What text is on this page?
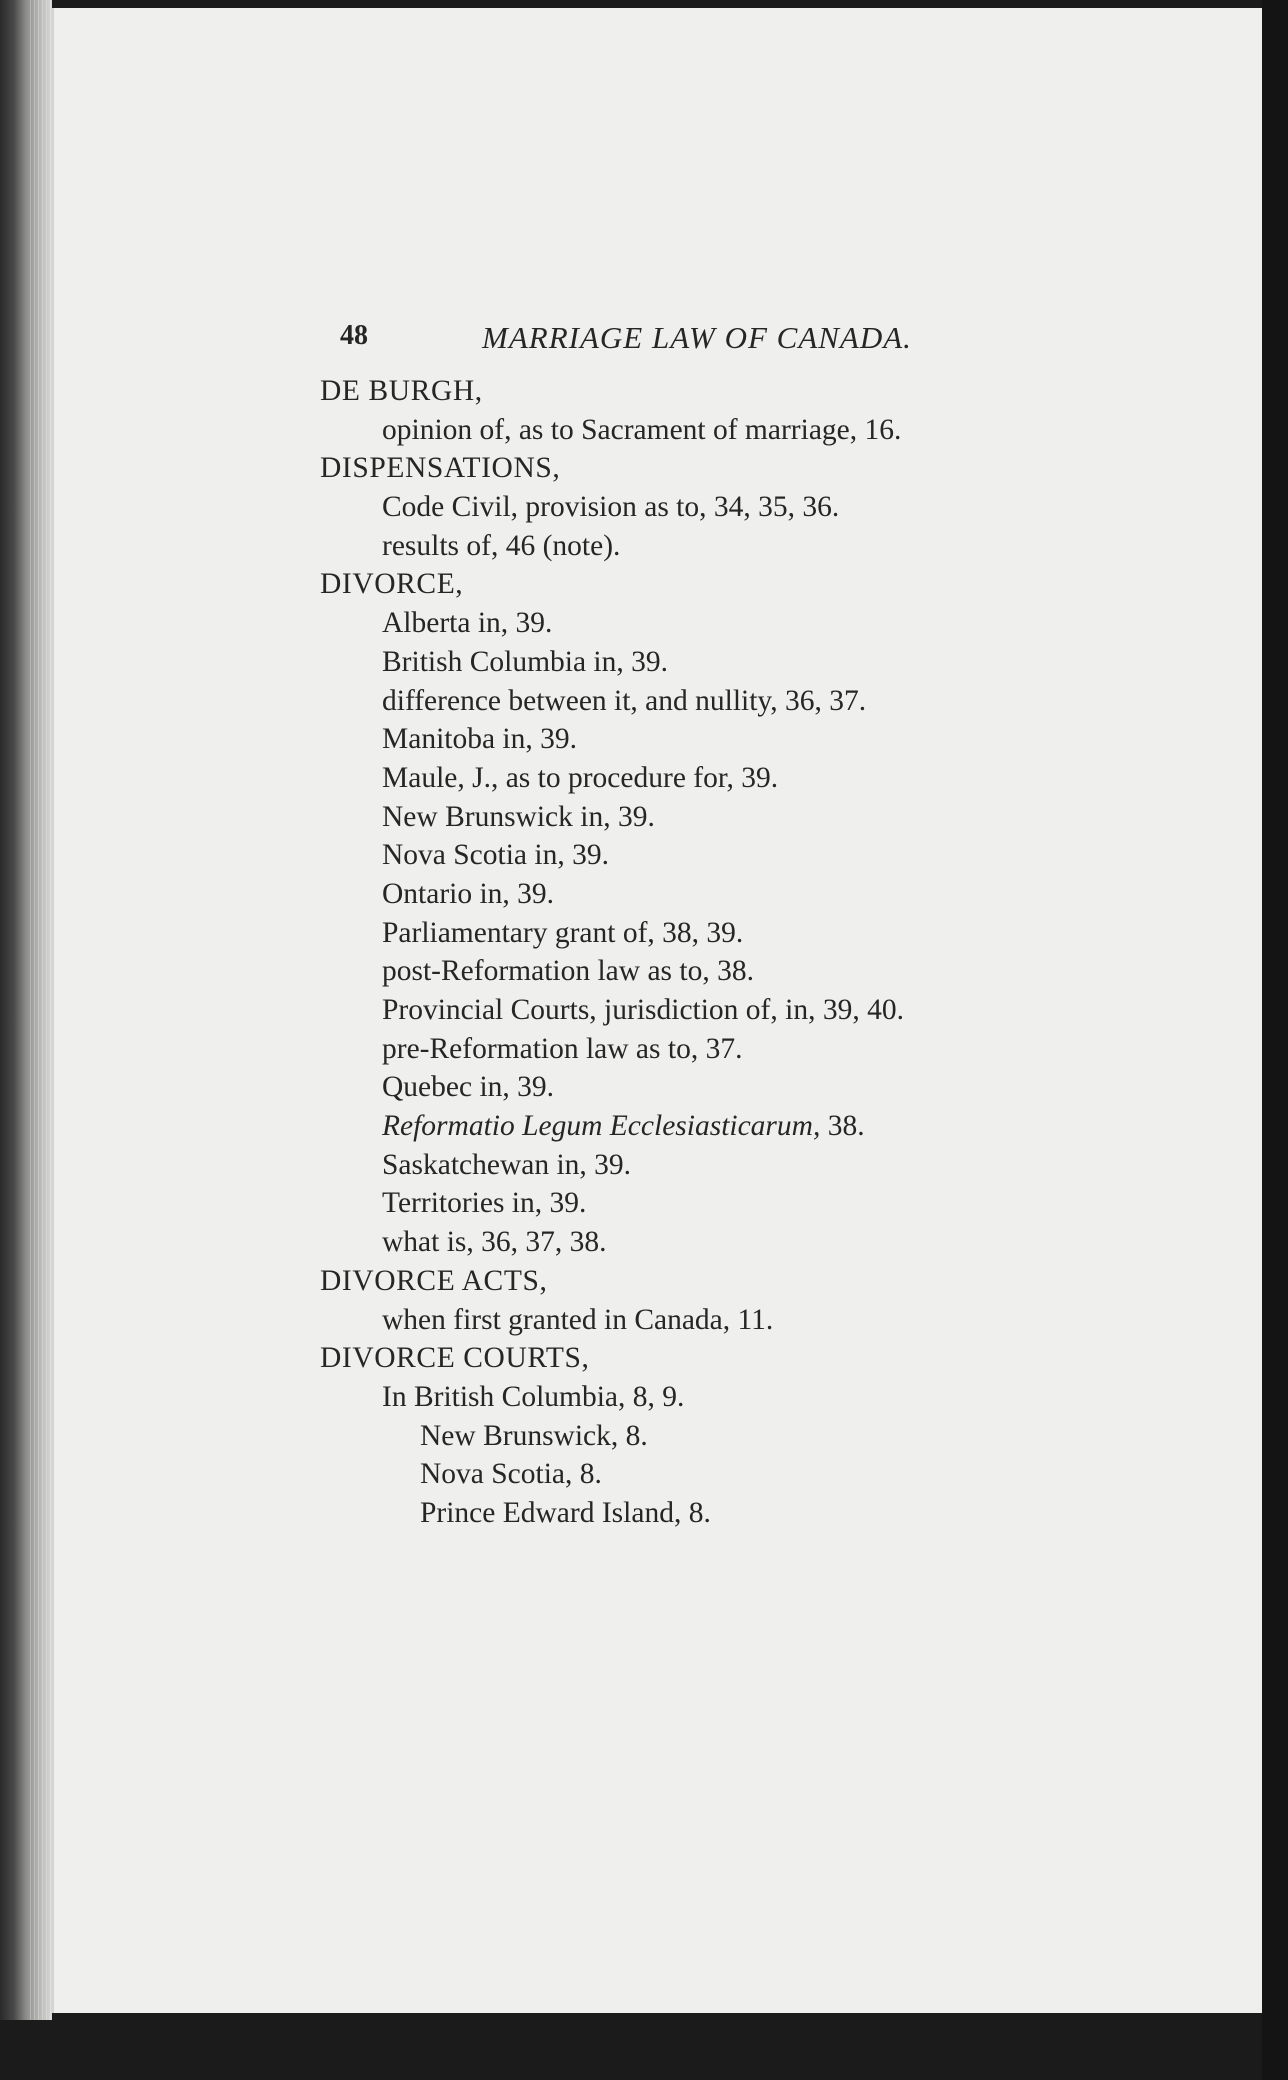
48	MARRIAGE LAW OF CANADA.
DE BURGH,
opinion of, as to Sacrament of marriage, 16.
DISPENSATIONS,
Code Civil, provision as to, 34, 35, 36.
results of, 46 (note).
DIVORCE,
Alberta in, 39.
British Columbia in, 39.
difference between it, and nullity, 36, 37.
Manitoba in, 39.
Maule, J., as to procedure for, 39.
New Brunswick in, 39.
Nova Scotia in, 39.
Ontario in, 39.
Parliamentary grant of, 38, 39.
post-Reformation law as to, 38.
Provincial Courts, jurisdiction of, in, 39, 40.
pre-Reformation law as to, 37.
Quebec in, 39.
Reformatio Legum Ecclesiasticarum, 38.
Saskatchewan in, 39.
Territories in, 39.
what is, 36, 37, 38.
DIVORCE ACTS,
when first granted in Canada, 11.
DIVORCE COURTS,
In British Columbia, 8, 9.
New Brunswick, 8.
Nova Scotia, 8.
Prince Edward Island, 8.
